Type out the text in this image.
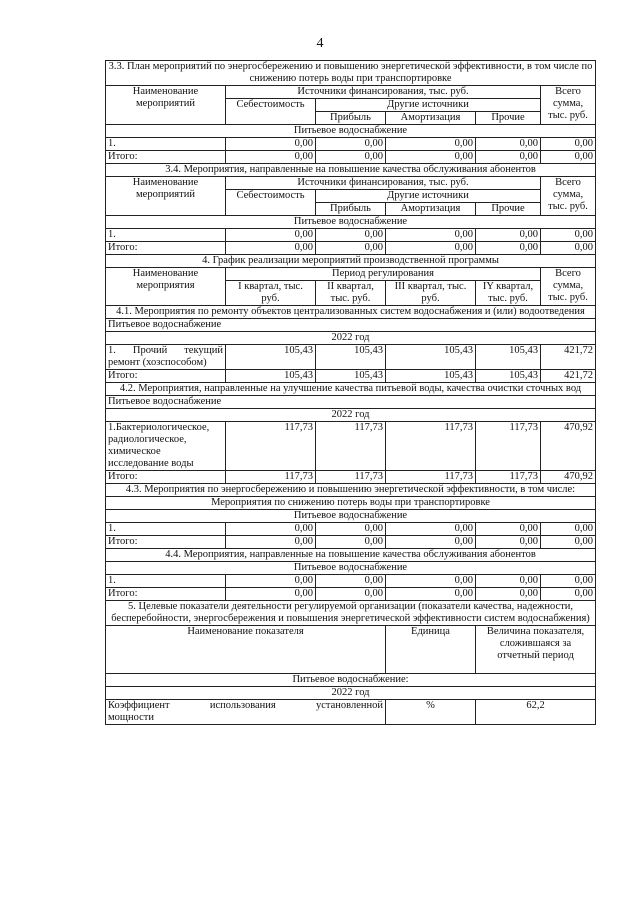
4
3.3. План мероприятий по энергосбережению и повышению энергетической эффективности, в том числе по снижению потерь воды при транспортировке					
Наименование
мероприятий	Источники финансирования, тыс. руб.				Всего
сумма,
тыс. руб.
	Себестоимость	Другие источники			
		Прибыль	Амортизация	Прочие	
Питьевое водоснабжение					
1.	0,00	0,00	0,00	0,00	0,00
Итого:	0,00	0,00	0,00	0,00	0,00
3.4. Мероприятия, направленные на повышение качества обслуживания абонентов					
Наименование
мероприятий	Источники финансирования, тыс. руб.				Всего
сумма,
тыс. руб.
	Себестоимость	Другие источники			
		Прибыль	Амортизация	Прочие	
Питьевое водоснабжение					
1.	0,00	0,00	0,00	0,00	0,00
Итого:	0,00	0,00	0,00	0,00	0,00
4. График реализации мероприятий производственной программы					
Наименование
мероприятия	Период регулирования				Всего
сумма,
тыс. руб.
	I квартал, тыс. руб.	II квартал, тыс. руб.	III квартал, тыс. руб.	IY квартал, тыс. руб.	
4.1. Мероприятия по ремонту объектов централизованных систем водоснабжения и (или) водоотведения					
Питьевое водоснабжение					
2022 год					

1. Прочий текущий
ремонт (хозспособом)	105,43	105,43	105,43	105,43	421,72
Итого:	105,43	105,43	105,43	105,43	421,72
4.2. Мероприятия, направленные на улучшение качества питьевой воды, качества очистки сточных вод					
Питьевое водоснабжение					
2022 год					
1.Бактериологическое, радиологическое, химическое исследование воды	117,73	117,73	117,73	117,73	470,92
Итого:	117,73	117,73	117,73	117,73	470,92
4.3. Мероприятия по энергосбережению и повышению энергетической эффективности, в том числе:					
Мероприятия по снижению потерь воды при транспортировке					
Питьевое водоснабжение					
1.	0,00	0,00	0,00	0,00	0,00
Итого:	0,00	0,00	0,00	0,00	0,00
4.4. Мероприятия, направленные на повышение качества обслуживания абонентов					
Питьевое водоснабжение					
1.	0,00	0,00	0,00	0,00	0,00
Итого:	0,00	0,00	0,00	0,00	0,00
5. Целевые показатели деятельности регулируемой организации (показатели качества, надежности, бесперебойности, энергосбережения и повышения энергетической эффективности систем водоснабжения)					
Наименование показателя			Единица	Величина показателя, сложившаяся за отчетный период	
Питьевое водоснабжение:					
2022 год					

Коэффициент использования установленной
мощности			%	62,2	
